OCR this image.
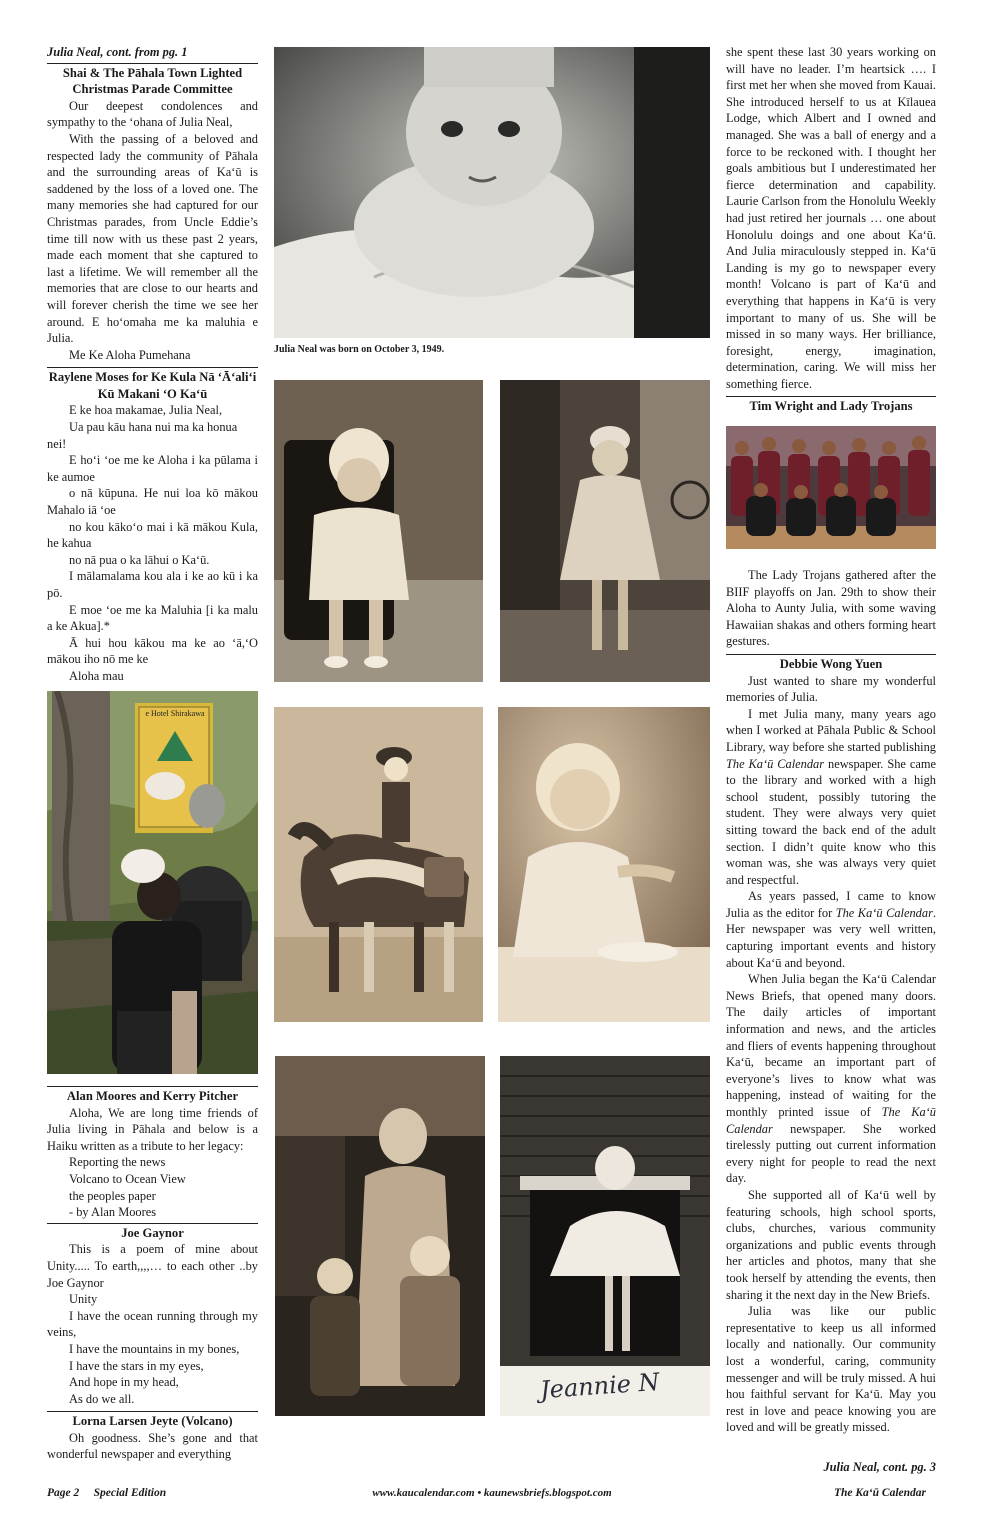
Julia Neal, cont. from pg. 1
Shai & The Pāhala Town Lighted Christmas Parade Committee

Our deepest condolences and sympathy to the ʻohana of Julia Neal,

With the passing of a beloved and respected lady the community of Pāhala and the surrounding areas of Kaʻū is saddened by the loss of a loved one. The many memories she had captured for our Christmas parades, from Uncle Eddie’s time till now with us these past 2 years, made each moment that she captured to last a lifetime. We will remember all the memories that are close to our hearts and will forever cherish the time we see her around. E hoʻomaha me ka maluhia e Julia.

Me Ke Aloha Pumehana

Raylene Moses for Ke Kula Nā ʻĀʻaliʻi Kū Makani ʻO Kaʻū

E ke hoa makamae, Julia Neal,

Ua pau kāu hana nui ma ka honua nei!

E hoʻi ʻoe me ke Aloha i ka pūlama i ke aumoe

o nā kūpuna. He nui loa kō mākou Mahalo iā ʻoe

no kou kākoʻo mai i kā mākou Kula, he kahua

no nā pua o ka lāhui o Kaʻū.

I mālamalama kou ala i ke ao kū i ka pō.

E moe ʻoe me ka Maluhia [i ka malu a ke Akua].*

Ā hui hou kākou ma ke ao ʻā,ʻO mākou iho nō me ke

Aloha mau

e Hotel Shirakawa
Alan Moores and Kerry Pitcher

Aloha, We are long time friends of Julia living in Pāhala and below is a Haiku written as a tribute to her legacy:

Reporting the news

Volcano to Ocean View

the peoples paper

- by Alan Moores

Joe Gaynor

This is a poem of mine about Unity..... To earth,,,,… to each other ..by Joe Gaynor

Unity

I have the ocean running through my veins,

I have the mountains in my bones,

I have the stars in my eyes,

And hope in my head,

As do we all.

Lorna Larsen Jeyte (Volcano)

Oh goodness. She’s gone and that wonderful newspaper and everything

Julia Neal was born on October 3, 1949.
Jeannie N

she spent these last 30 years working on will have no leader. I’m heartsick …. I first met her when she moved from Kauai. She introduced herself to us at Kīlauea Lodge, which Albert and I owned and managed. She was a ball of energy and a force to be reckoned with. I thought her goals ambitious but I underestimated her fierce determination and capability. Laurie Carlson from the Honolulu Weekly had just retired her journals … one about Honolulu doings and one about Kaʻū. And Julia miraculously stepped in. Kaʻū Landing is my go to newspaper every month! Volcano is part of Kaʻū and everything that happens in Kaʻū is very important to many of us. She will be missed in so many ways. Her brilliance, foresight, energy, imagination, determination, caring. We will miss her something fierce.

Tim Wright and Lady Trojans

The Lady Trojans gathered after the BIIF playoffs on Jan. 29th to show their Aloha to Aunty Julia, with some waving Hawaiian shakas and others forming heart gestures.

Debbie Wong Yuen

Just wanted to share my wonderful memories of Julia.

I met Julia many, many years ago when I worked at Pāhala Public & School Library, way before she started publishing The Kaʻū Calendar newspaper. She came to the library and worked with a high school student, possibly tutoring the student. They were always very quiet sitting toward the back end of the adult section. I didn’t quite know who this woman was, she was always very quiet and respectful.

As years passed, I came to know Julia as the editor for The Kaʻū Calendar. Her newspaper was very well written, capturing important events and history about Kaʻū and beyond.

When Julia began the Kaʻū Calendar News Briefs, that opened many doors. The daily articles of important information and news, and the articles and fliers of events happening throughout Kaʻū, became an important part of everyone’s lives to know what was happening, instead of waiting for the monthly printed issue of The Kaʻū Calendar newspaper. She worked tirelessly putting out current information every night for people to read the next day.

She supported all of Kaʻū well by featuring schools, high school sports, clubs, churches, various community organizations and public events through her articles and photos, many that she took herself by attending the events, then sharing it the next day in the New Briefs.

Julia was like our public representative to keep us all informed locally and nationally. Our community lost a wonderful, caring, community messenger and will be truly missed. A hui hou faithful servant for Kaʻū. May you rest in love and peace knowing you are loved and will be greatly missed.

Julia Neal, cont. pg. 3
Page 2     Special Edition	www.kaucalendar.com • kaunewsbriefs.blogspot.com	The Kaʻū Calendar
